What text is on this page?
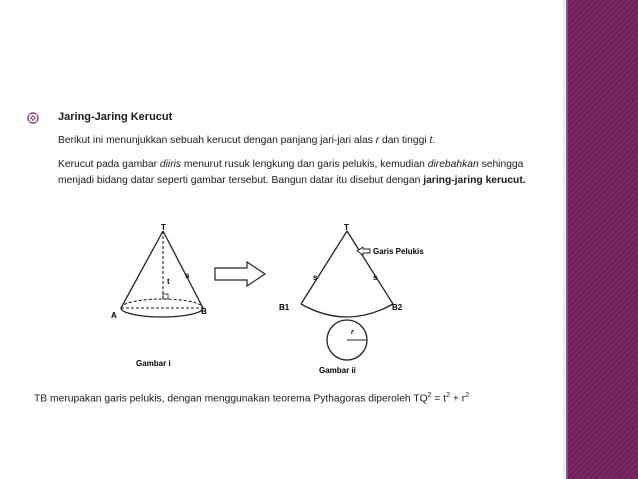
Jaring-Jaring Kerucut
Berikut ini menunjukkan sebuah kerucut dengan panjang jari-jari alas r dan tinggi t.
Kerucut pada gambar diiris menurut rusuk lengkung dan garis pelukis, kemudian direbahkan sehingga menjadi bidang datar seperti gambar tersebut. Bangun datar itu disebut dengan jaring-jaring kerucut.
T
t
s
A	B
Gambar i
T
s	s
B1	B2
r
Garis Pelukis
Gambar ii
TB merupakan garis pelukis, dengan menggunakan teorema Pythagoras diperoleh $TQ^2 = t^2 + r^2$
